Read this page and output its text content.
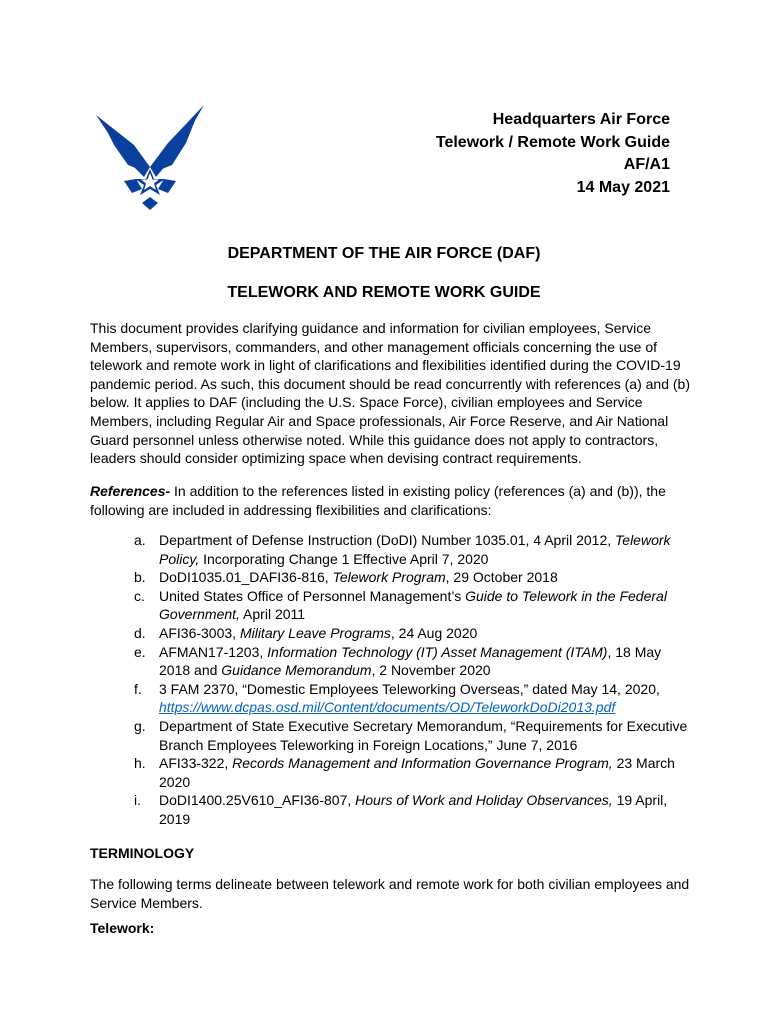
Headquarters Air Force
Telework / Remote Work Guide
AF/A1
14 May 2021
DEPARTMENT OF THE AIR FORCE (DAF)
TELEWORK AND REMOTE WORK GUIDE
This document provides clarifying guidance and information for civilian employees, Service Members, supervisors, commanders, and other management officials concerning the use of telework and remote work in light of clarifications and flexibilities identified during the COVID-19 pandemic period. As such, this document should be read concurrently with references (a) and (b) below. It applies to DAF (including the U.S. Space Force), civilian employees and Service Members, including Regular Air and Space professionals, Air Force Reserve, and Air National Guard personnel unless otherwise noted. While this guidance does not apply to contractors, leaders should consider optimizing space when devising contract requirements.
References- In addition to the references listed in existing policy (references (a) and (b)), the following are included in addressing flexibilities and clarifications:
a. Department of Defense Instruction (DoDI) Number 1035.01, 4 April 2012, Telework Policy, Incorporating Change 1 Effective April 7, 2020
b. DoDI1035.01_DAFI36-816, Telework Program, 29 October 2018
c.	United States Office of Personnel Management’s Guide to Telework in the Federal Government, April 2011
d. AFI36-3003, Military Leave Programs, 24 Aug 2020
e. AFMAN17-1203, Information Technology (IT) Asset Management (ITAM), 18 May 2018 and Guidance Memorandum, 2 November 2020
f.	3 FAM 2370, “Domestic Employees Teleworking Overseas,” dated May 14, 2020, https://www.dcpas.osd.mil/Content/documents/OD/TeleworkDoDi2013.pdf
g. Department of State Executive Secretary Memorandum, “Requirements for Executive Branch Employees Teleworking in Foreign Locations,” June 7, 2016
h. AFI33-322, Records Management and Information Governance Program, 23 March 2020
i.	DoDI1400.25V610_AFI36-807, Hours of Work and Holiday Observances, 19 April, 2019
TERMINOLOGY
The following terms delineate between telework and remote work for both civilian employees and Service Members.
Telework:
